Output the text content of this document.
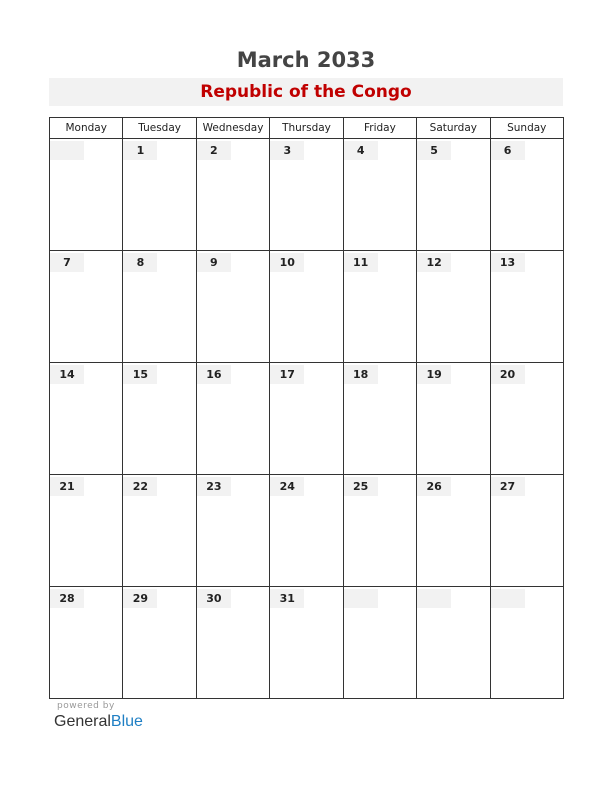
March 2033
Republic of the Congo
Monday	Tuesday	Wednesday	Thursday	Friday	Saturday	Sunday

	1	2	3	4	5	6

7	8	9	10	11	12	13

14	15	16	17	18	19	20

21	22	23	24	25	26	27

28	29	30	31			

powered by
GeneralBlue
